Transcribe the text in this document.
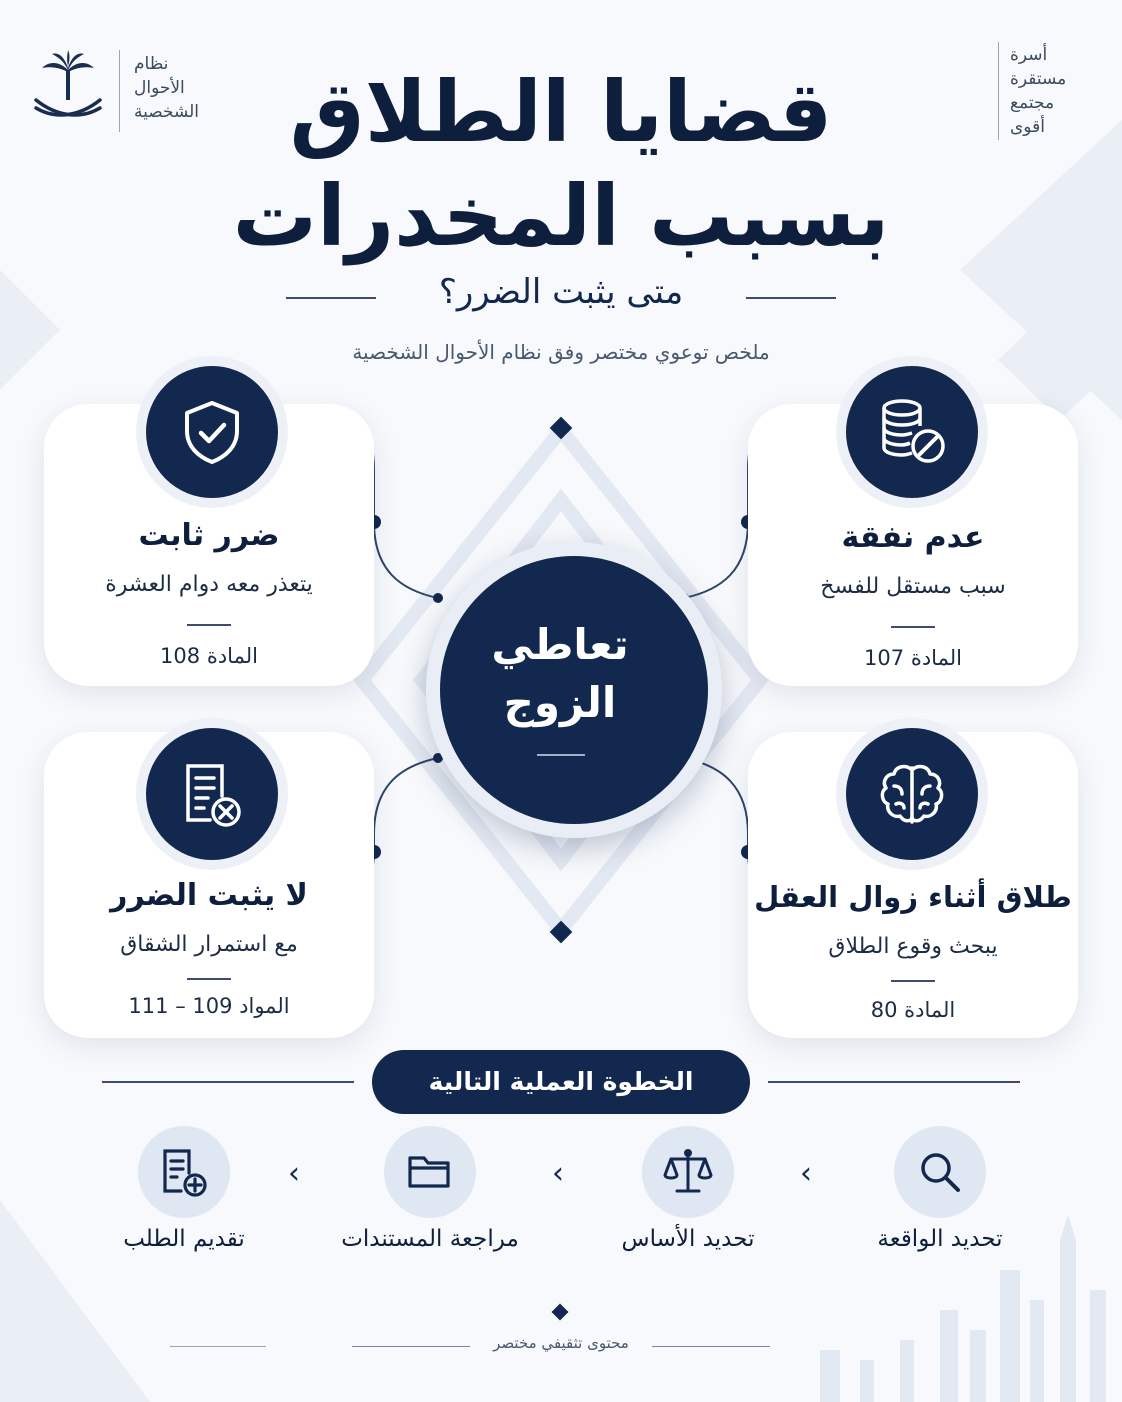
نظام
الأحوال
الشخصية
أسرة
مستقرة
مجتمع
أقوى
قضايا الطلاق
بسبب المخدرات
متى يثبت الضرر؟
ملخص توعوي مختصر وفق نظام الأحوال الشخصية
تعاطي
الزوج
ضرر ثابت
يتعذر معه دوام العشرة
المادة 108
عدم نفقة
سبب مستقل للفسخ
المادة 107
لا يثبت الضرر
مع استمرار الشقاق
المواد 109 – 111
طلاق أثناء زوال العقل
يبحث وقوع الطلاق
المادة 80
الخطوة العملية التالية
تحديد الواقعة
تحديد الأساس
مراجعة المستندات
تقديم الطلب
‹
‹
‹
محتوى تثقيفي مختصر
